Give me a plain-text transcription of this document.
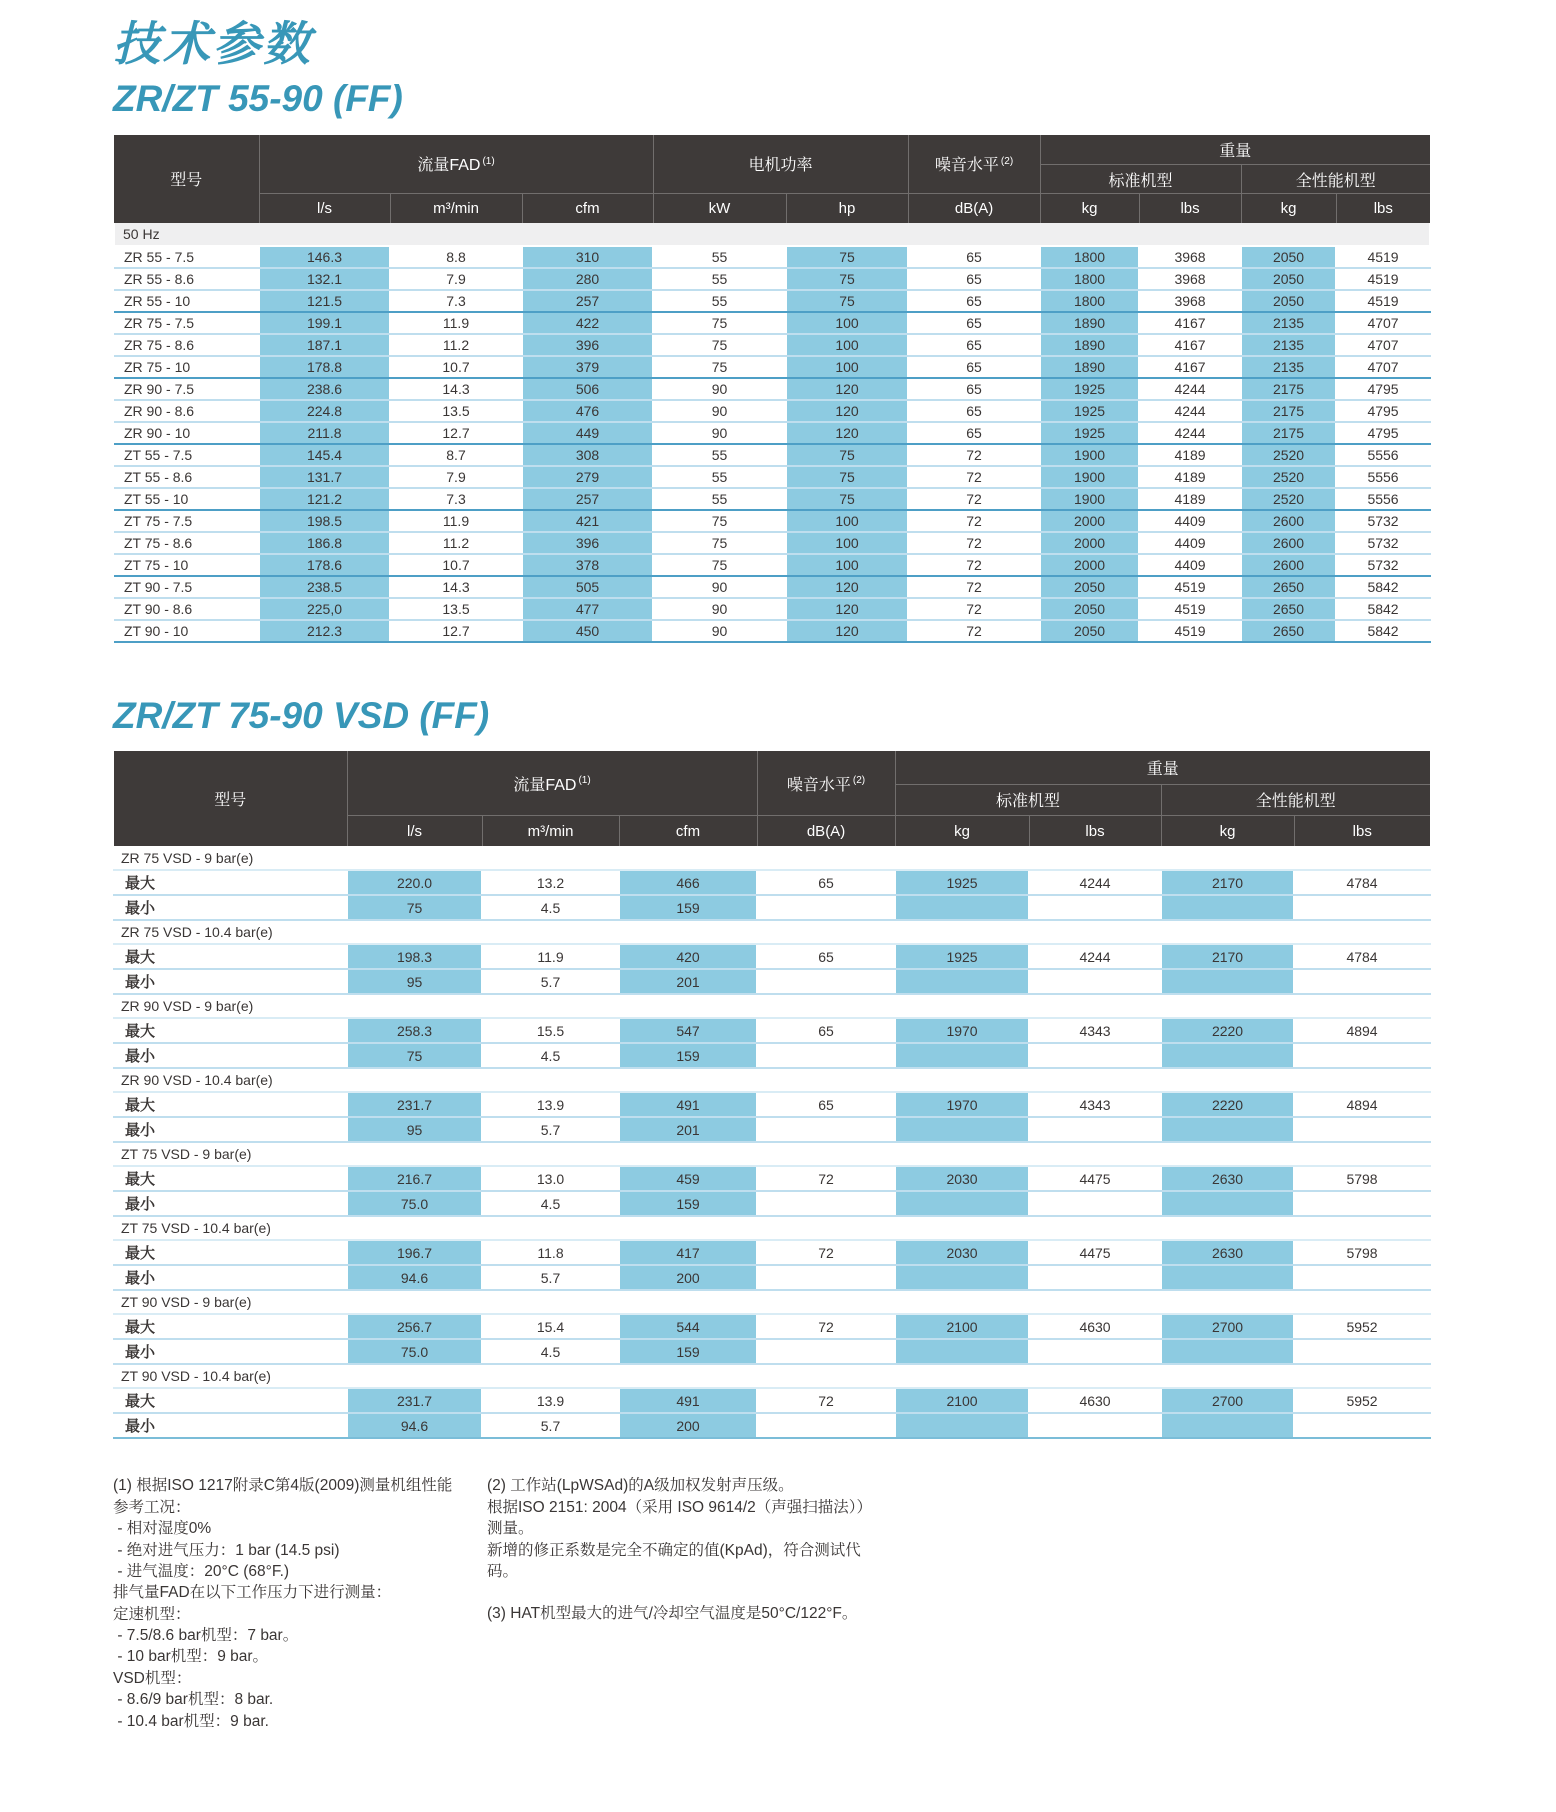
技术参数
ZR/ZT 55-90 (FF)
型号	流量FAD $^{(1)}$			电机功率		噪音水平 $^{(2)}$	重量			
							标准机型		全性能机型	
	l/s	m³/min	cfm	kW	hp	dB(A)	kg	lbs	kg	lbs
50 Hz										
ZR 55 - 7.5	146.3	8.8	310	55	75	65	1800	3968	2050	4519
ZR 55 - 8.6	132.1	7.9	280	55	75	65	1800	3968	2050	4519
ZR 55 - 10	121.5	7.3	257	55	75	65	1800	3968	2050	4519
ZR 75 - 7.5	199.1	11.9	422	75	100	65	1890	4167	2135	4707
ZR 75 - 8.6	187.1	11.2	396	75	100	65	1890	4167	2135	4707
ZR 75 - 10	178.8	10.7	379	75	100	65	1890	4167	2135	4707
ZR 90 - 7.5	238.6	14.3	506	90	120	65	1925	4244	2175	4795
ZR 90 - 8.6	224.8	13.5	476	90	120	65	1925	4244	2175	4795
ZR 90 - 10	211.8	12.7	449	90	120	65	1925	4244	2175	4795
ZT 55 - 7.5	145.4	8.7	308	55	75	72	1900	4189	2520	5556
ZT 55 - 8.6	131.7	7.9	279	55	75	72	1900	4189	2520	5556
ZT 55 - 10	121.2	7.3	257	55	75	72	1900	4189	2520	5556
ZT 75 - 7.5	198.5	11.9	421	75	100	72	2000	4409	2600	5732
ZT 75 - 8.6	186.8	11.2	396	75	100	72	2000	4409	2600	5732
ZT 75 - 10	178.6	10.7	378	75	100	72	2000	4409	2600	5732
ZT 90 - 7.5	238.5	14.3	505	90	120	72	2050	4519	2650	5842
ZT 90 - 8.6	225,0	13.5	477	90	120	72	2050	4519	2650	5842
ZT 90 - 10	212.3	12.7	450	90	120	72	2050	4519	2650	5842
ZR/ZT 75-90 VSD (FF)
型号	流量FAD $^{(1)}$			噪音水平 $^{(2)}$	重量			
					标准机型		全性能机型	
	l/s	m³/min	cfm	dB(A)	kg	lbs	kg	lbs
ZR 75 VSD - 9 bar(e)								
最大	220.0	13.2	466	65	1925	4244	2170	4784
最小	75	4.5	159					
ZR 75 VSD - 10.4 bar(e)								
最大	198.3	11.9	420	65	1925	4244	2170	4784
最小	95	5.7	201					
ZR 90 VSD - 9 bar(e)								
最大	258.3	15.5	547	65	1970	4343	2220	4894
最小	75	4.5	159					
ZR 90 VSD - 10.4 bar(e)								
最大	231.7	13.9	491	65	1970	4343	2220	4894
最小	95	5.7	201					
ZT 75 VSD - 9 bar(e)								
最大	216.7	13.0	459	72	2030	4475	2630	5798
最小	75.0	4.5	159					
ZT 75 VSD - 10.4 bar(e)								
最大	196.7	11.8	417	72	2030	4475	2630	5798
最小	94.6	5.7	200					
ZT 90 VSD - 9 bar(e)								
最大	256.7	15.4	544	72	2100	4630	2700	5952
最小	75.0	4.5	159					
ZT 90 VSD - 10.4 bar(e)								
最大	231.7	13.9	491	72	2100	4630	2700	5952
最小	94.6	5.7	200					
(1) 根据ISO 1217附录C第4版(2009)测量机组性能
参考工况：
- 相对湿度0%
- 绝对进气压力：1 bar (14.5 psi)
- 进气温度：20°C (68°F.)
排气量FAD在以下工作压力下进行测量：
定速机型：
- 7.5/8.6 bar机型：7 bar。
- 10 bar机型：9 bar。
VSD机型：
- 8.6/9 bar机型：8 bar.
- 10.4 bar机型：9 bar.
(2) 工作站(LpWSAd)的A级加权发射声压级。
根据ISO 2151: 2004（采用 ISO 9614/2（声强扫描法））
测量。
新增的修正系数是完全不确定的值(KpAd)，符合测试代
码。
(3) HAT机型最大的进气/冷却空气温度是50°C/122°F。
